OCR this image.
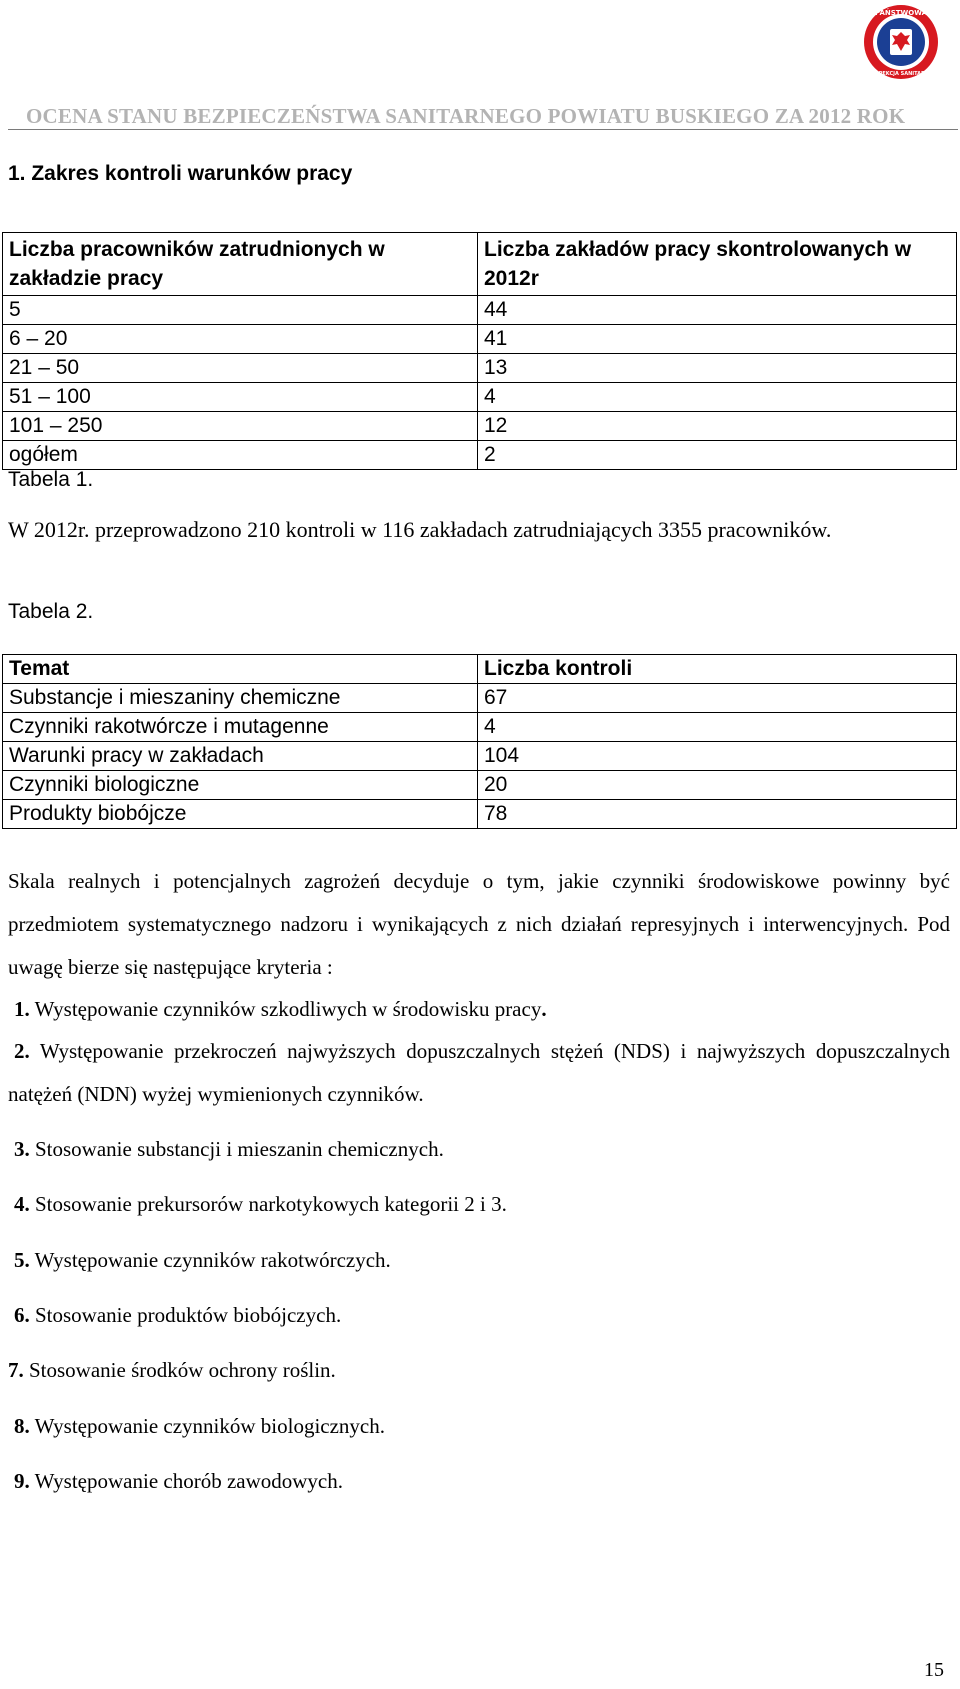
PAŃSTWOWA
INSPEKCJA SANITARNA
OCENA STANU BEZPIECZEŃSTWA SANITARNEGO POWIATU BUSKIEGO ZA 2012 ROK
1. Zakres kontroli warunków pracy
Liczba pracowników zatrudnionych w zakładzie pracy	Liczba zakładów pracy skontrolowanych w 2012r
5	44
6 – 20	41
21 – 50	13
51 – 100	4
101 – 250	12
ogółem	2
Tabela 1.
W 2012r. przeprowadzono 210 kontroli w 116 zakładach zatrudniających 3355 pracowników.
Tabela 2.
Temat	Liczba kontroli
Substancje i mieszaniny chemiczne	67
Czynniki rakotwórcze i mutagenne	4
Warunki pracy w zakładach	104
Czynniki biologiczne	20
Produkty biobójcze	78
Skala realnych i potencjalnych zagrożeń decyduje o tym, jakie czynniki środowiskowe powinny być przedmiotem systematycznego nadzoru i wynikających z nich działań represyjnych i interwencyjnych. Pod uwagę bierze się następujące kryteria :
1. Występowanie czynników szkodliwych w środowisku pracy.
2. Występowanie przekroczeń najwyższych dopuszczalnych stężeń (NDS) i najwyższych dopuszczalnych natężeń (NDN) wyżej wymienionych czynników.
3. Stosowanie substancji i mieszanin chemicznych.
4. Stosowanie prekursorów narkotykowych kategorii 2 i 3.
5. Występowanie czynników rakotwórczych.
6. Stosowanie produktów biobójczych.
7. Stosowanie środków ochrony roślin.
8. Występowanie czynników biologicznych.
9. Występowanie chorób zawodowych.
15
